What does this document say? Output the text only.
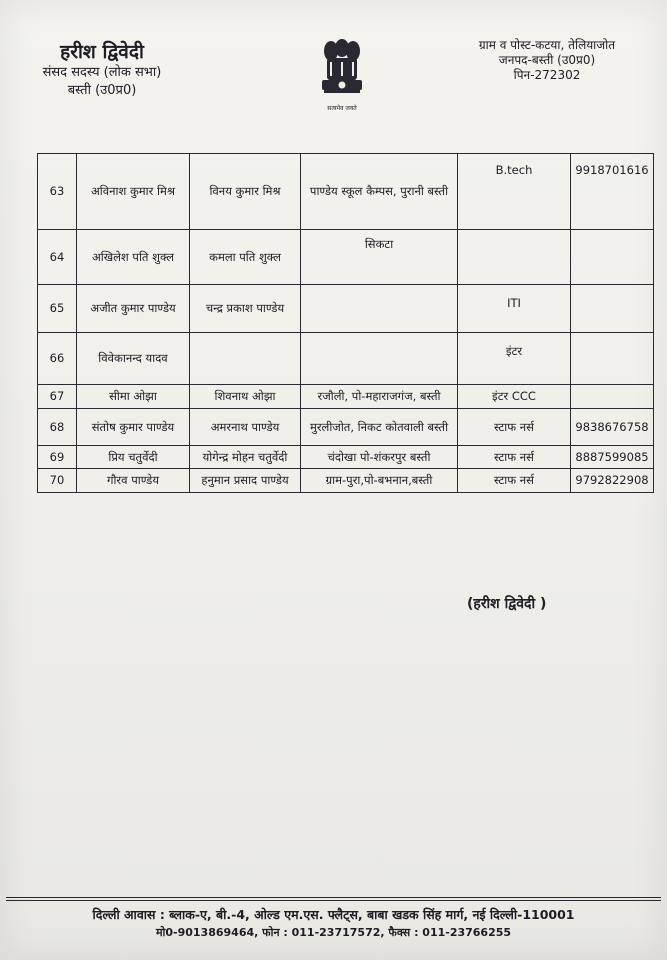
हरीश द्विवेदी
संसद सदस्य (लोक सभा)
बस्ती (उ0प्र0)
सत्यमेव जयते
ग्राम व पोस्ट-कटया, तेलियाजोत
जनपद-बस्ती (उ0प्र0)
पिन-272302
63	अविनाश कुमार मिश्र	विनय कुमार मिश्र	पाण्डेय स्कूल कैम्पस, पुरानी बस्ती	B.tech	9918701616
64	अखिलेश पति शुक्ल	कमला पति शुक्ल	सिकटा		
65	अजीत कुमार पाण्डेय	चन्द्र प्रकाश पाण्डेय		ITI	
66	विवेकानन्द यादव			इंटर	
67	सीमा ओझा	शिवनाथ ओझा	रजौली, पो-महाराजगंज, बस्ती	इंटर CCC	
68	संतोष कुमार पाण्डेय	अमरनाथ पाण्डेय	मुरलीजोत, निकट कोतवाली बस्ती	स्टाफ नर्स	9838676758
69	प्रिय चतुर्वेदी	योगेन्द्र मोहन चतुर्वेदी	चंदोखा पो-शंकरपुर बस्ती	स्टाफ नर्स	8887599085
70	गौरव पाण्डेय	हनुमान प्रसाद पाण्डेय	ग्राम-पुरा,पो-बभनान,बस्ती	स्टाफ नर्स	9792822908
(हरीश द्विवेदी )
दिल्ली आवास : ब्लाक-ए, बी.-4, ओल्ड एम.एस. फ्लैट्स, बाबा खडक सिंह मार्ग, नई दिल्ली-110001
मो0-9013869464, फोन : 011-23717572, फैक्स : 011-23766255
